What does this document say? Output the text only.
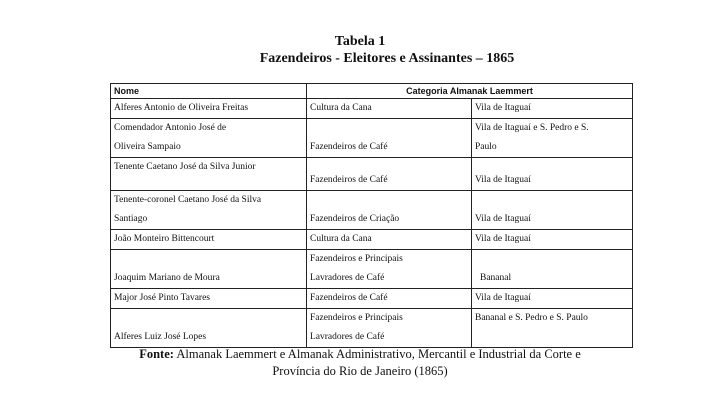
Tabela 1
Fazendeiros - Eleitores e Assinantes – 1865
Nome	Categoria Almanak Laemmert	

Alferes Antonio de Oliveira Freitas	Cultura da Cana	Vila de Itaguaí

Comendador Antonio José de
Oliveira Sampaio	Fazendeiros de Café	Vila de Itaguaí e S. Pedro e S.
Paulo

Tenente Caetano José da Silva Junior	Fazendeiros de Café	Vila de Itaguaí

Tenente-coronel Caetano José da Silva
Santiago	Fazendeiros de Criação	Vila de Itaguaí

João Monteiro Bittencourt	Cultura da Cana	Vila de Itaguaí

Joaquim Mariano de Moura	Fazendeiros e Principais
Lavradores de Café	Bananal

Major José Pinto Tavares	Fazendeiros de Café	Vila de Itaguaí

Alferes Luiz José Lopes	Fazendeiros e Principais
Lavradores de Café	Bananal e S. Pedro e S. Paulo
Fonte: Almanak Laemmert e Almanak Administrativo, Mercantil e Industrial da Corte e
Província do Rio de Janeiro (1865)
